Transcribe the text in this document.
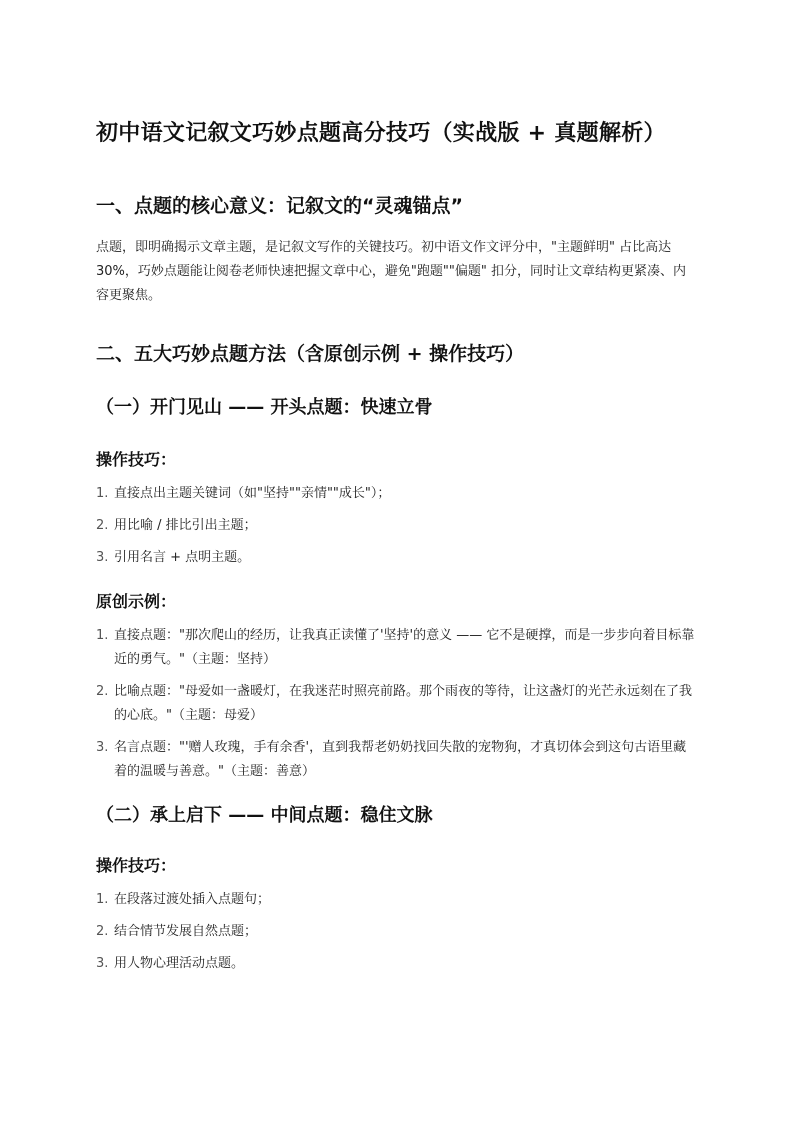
初中语文记叙文巧妙点题高分技巧（实战版 + 真题解析）
一、点题的核心意义：记叙文的“灵魂锚点”

点题，即明确揭示文章主题，是记叙文写作的关键技巧。初中语文作文评分中，"主题鲜明" 占比高达 30%，巧妙点题能让阅卷老师快速把握文章中心，避免"跑题""偏题" 扣分，同时让文章结构更紧凑、内容更聚焦。

二、五大巧妙点题方法（含原创示例 + 操作技巧）
（一）开门见山 —— 开头点题：快速立骨
操作技巧：
1. 直接点出主题关键词（如"坚持""亲情""成长"）；
2. 用比喻 / 排比引出主题；
3. 引用名言 + 点明主题。
原创示例：
1. 直接点题："那次爬山的经历，让我真正读懂了'坚持'的意义 —— 它不是硬撑，而是一步步向着目标靠近的勇气。"（主题：坚持）
2. 比喻点题："母爱如一盏暖灯，在我迷茫时照亮前路。那个雨夜的等待，让这盏灯的光芒永远刻在了我的心底。"（主题：母爱）
3. 名言点题："'赠人玫瑰，手有余香'，直到我帮老奶奶找回失散的宠物狗，才真切体会到这句古语里藏着的温暖与善意。"（主题：善意）
（二）承上启下 —— 中间点题：稳住文脉
操作技巧：
1. 在段落过渡处插入点题句；
2. 结合情节发展自然点题；
3. 用人物心理活动点题。
